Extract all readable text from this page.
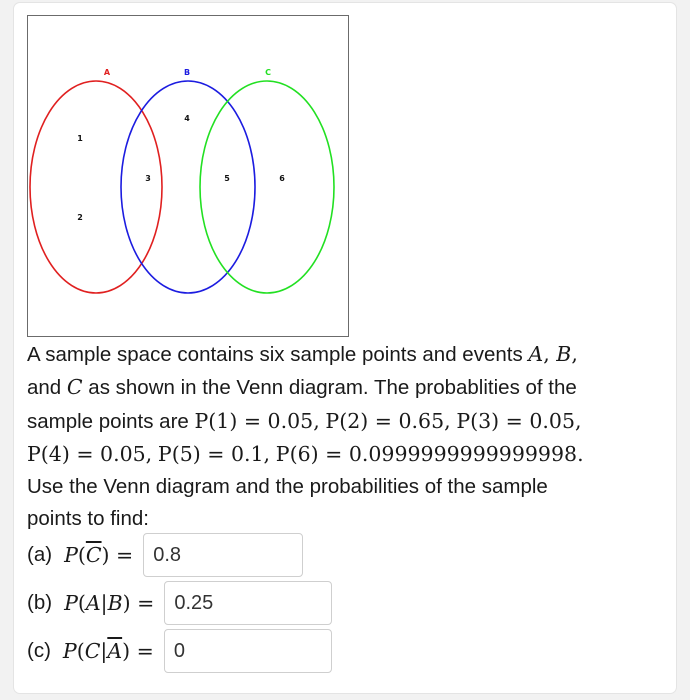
A	B	C
1
2
3
4
5	6
A sample space contains six sample points and events A, B,
and C as shown in the Venn diagram. The probablities of the
sample points are P(1) = 0.05, P(2) = 0.65, P(3) = 0.05,
P(4) = 0.05, P(5) = 0.1, P(6) = 0.0999999999999998.
Use the Venn diagram and the probabilities of the sample
points to find:
(a) $P(\overline{C})$ =
0.8
(b) P(A|B) =
0.25
(c) $P(C|\overline{A})$ =
0
